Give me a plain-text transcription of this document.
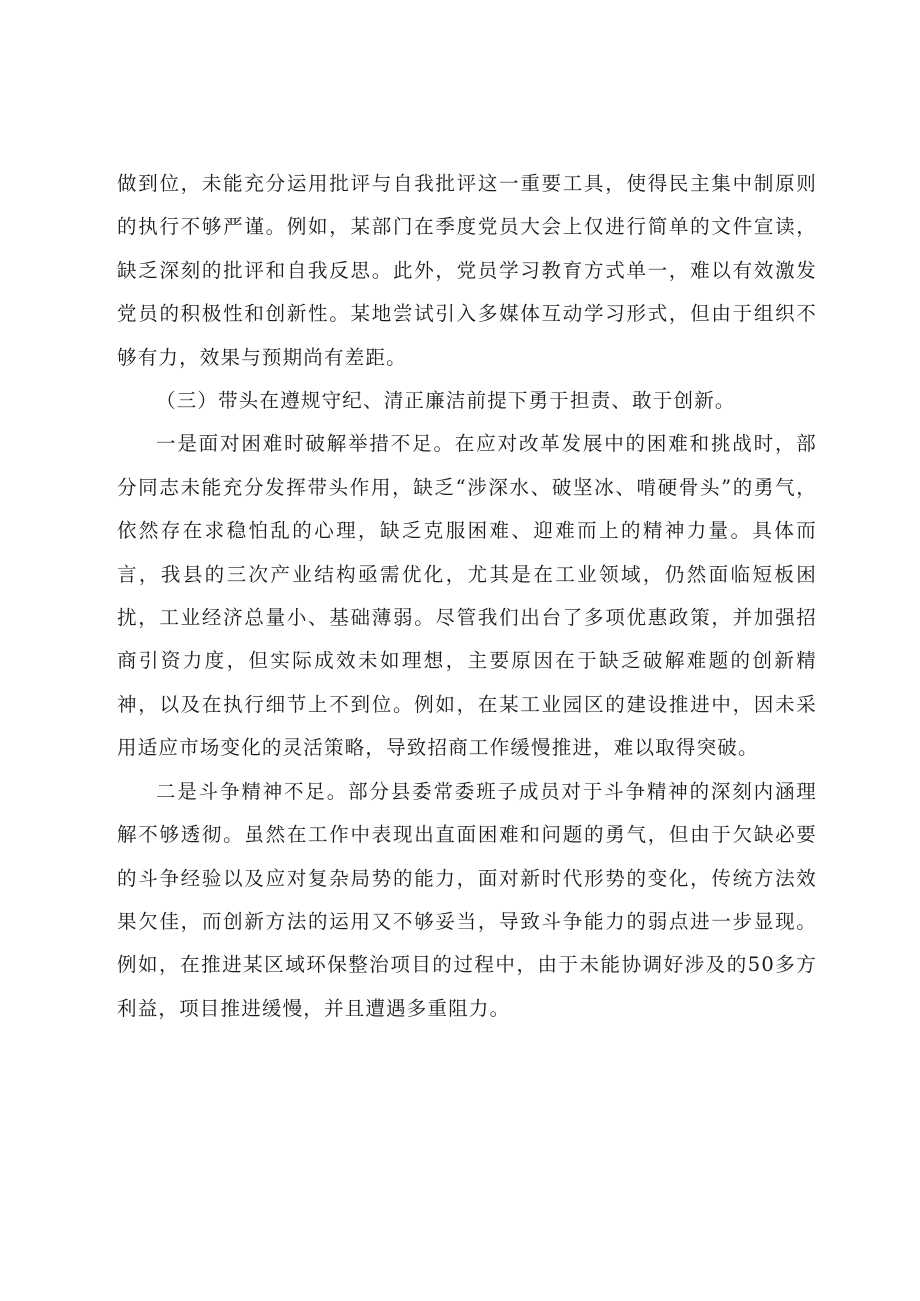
做到位，未能充分运用批评与自我批评这一重要工具，使得民主集中制原则的执行不够严谨。例如，某部门在季度党员大会上仅进行简单的文件宣读，缺乏深刻的批评和自我反思。此外，党员学习教育方式单一，难以有效激发党员的积极性和创新性。某地尝试引入多媒体互动学习形式，但由于组织不够有力，效果与预期尚有差距。

（三）带头在遵规守纪、清正廉洁前提下勇于担责、敢于创新。

一是面对困难时破解举措不足。在应对改革发展中的困难和挑战时，部分同志未能充分发挥带头作用，缺乏“涉深水、破坚冰、啃硬骨头”的勇气，依然存在求稳怕乱的心理，缺乏克服困难、迎难而上的精神力量。具体而言，我县的三次产业结构亟需优化，尤其是在工业领域，仍然面临短板困扰，工业经济总量小、基础薄弱。尽管我们出台了多项优惠政策，并加强招商引资力度，但实际成效未如理想，主要原因在于缺乏破解难题的创新精神，以及在执行细节上不到位。例如，在某工业园区的建设推进中，因未采用适应市场变化的灵活策略，导致招商工作缓慢推进，难以取得突破。

二是斗争精神不足。部分县委常委班子成员对于斗争精神的深刻内涵理解不够透彻。虽然在工作中表现出直面困难和问题的勇气，但由于欠缺必要的斗争经验以及应对复杂局势的能力，面对新时代形势的变化，传统方法效果欠佳，而创新方法的运用又不够妥当，导致斗争能力的弱点进一步显现。例如，在推进某区域环保整治项目的过程中，由于未能协调好涉及的50多方利益，项目推进缓慢，并且遭遇多重阻力。
